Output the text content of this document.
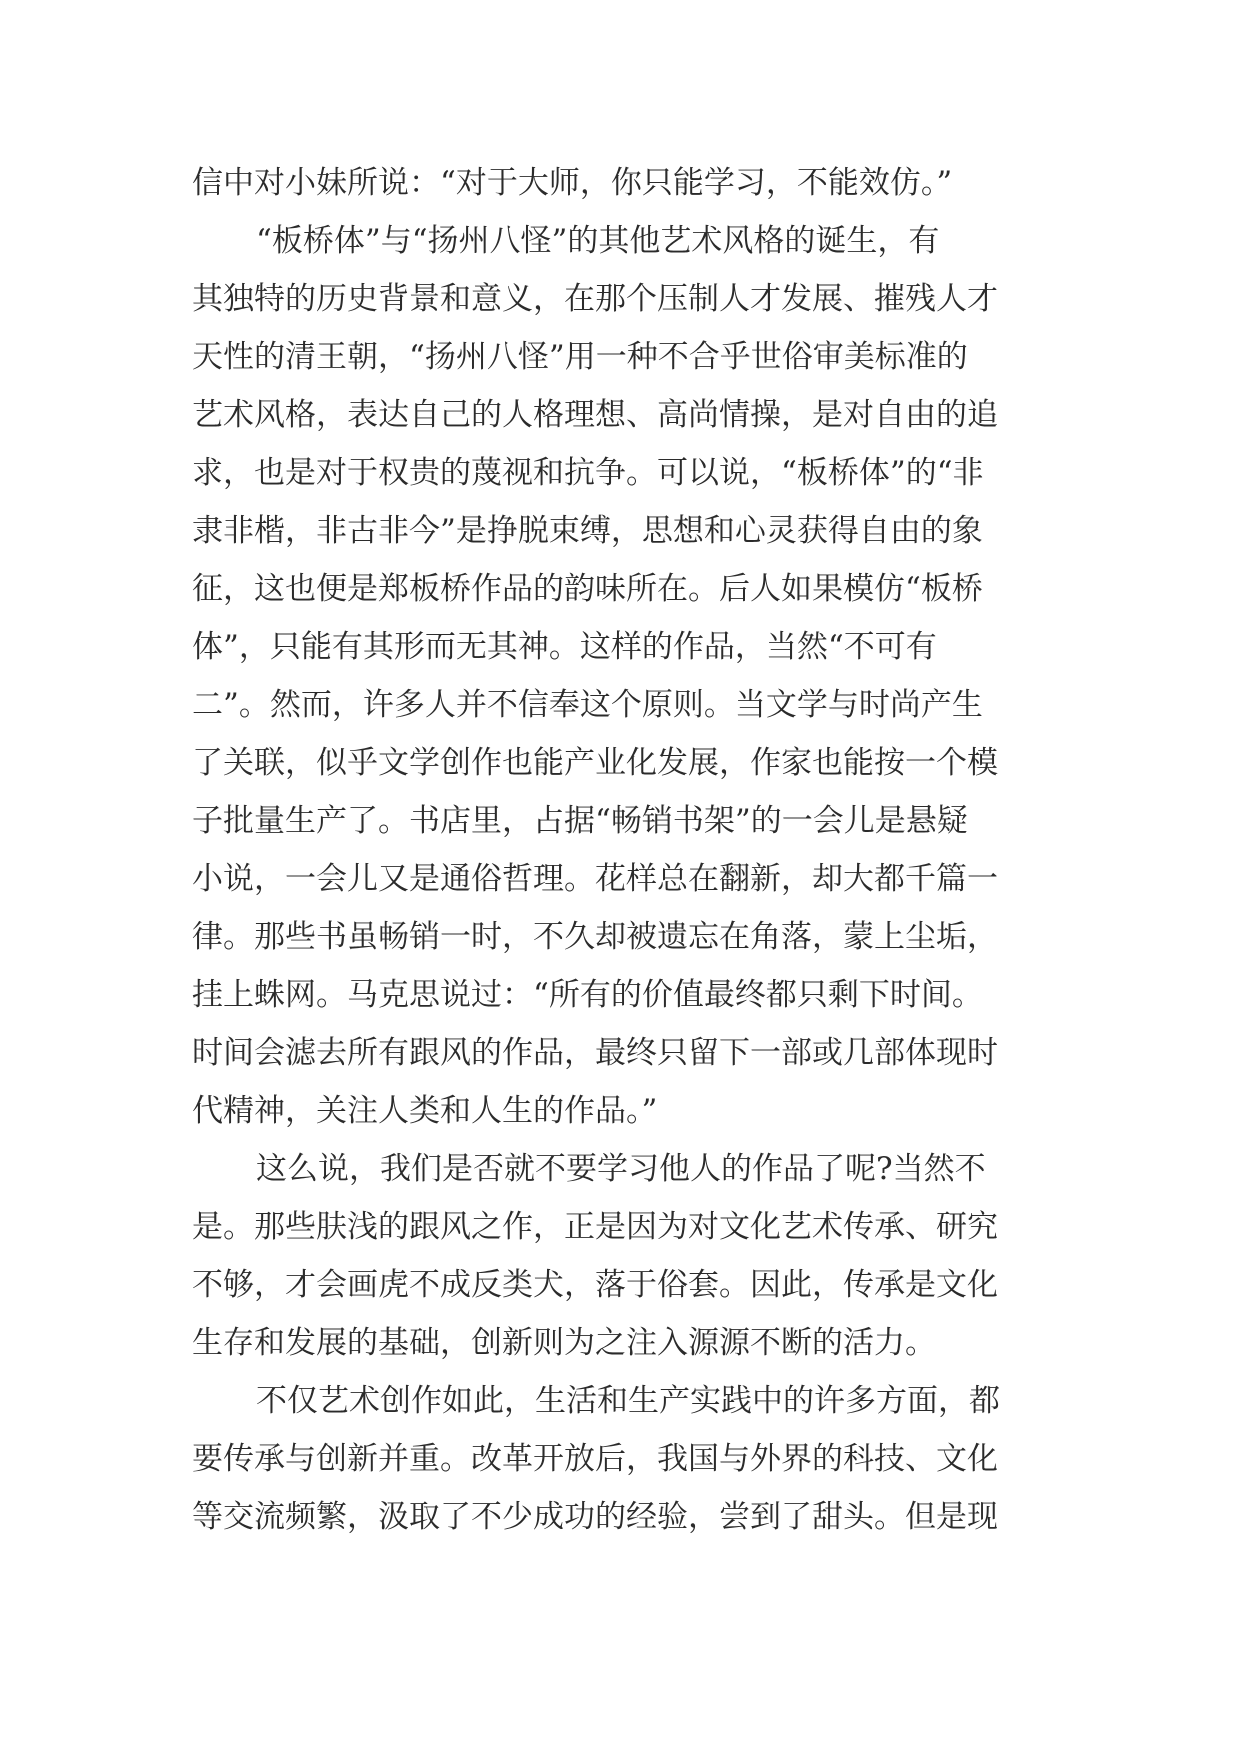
信中对小妹所说：“对于大师，你只能学习，不能效仿。”
“板桥体”与“扬州八怪”的其他艺术风格的诞生，有
其独特的历史背景和意义，在那个压制人才发展、摧残人才
天性的清王朝，“扬州八怪”用一种不合乎世俗审美标准的
艺术风格，表达自己的人格理想、高尚情操，是对自由的追
求，也是对于权贵的蔑视和抗争。可以说，“板桥体”的“非
隶非楷，非古非今”是挣脱束缚，思想和心灵获得自由的象
征，这也便是郑板桥作品的韵味所在。后人如果模仿“板桥
体”，只能有其形而无其神。这样的作品，当然“不可有
二”。然而，许多人并不信奉这个原则。当文学与时尚产生
了关联，似乎文学创作也能产业化发展，作家也能按一个模
子批量生产了。书店里，占据“畅销书架”的一会儿是悬疑
小说，一会儿又是通俗哲理。花样总在翻新，却大都千篇一
律。那些书虽畅销一时，不久却被遗忘在角落，蒙上尘垢，
挂上蛛网。马克思说过：“所有的价值最终都只剩下时间。
时间会滤去所有跟风的作品，最终只留下一部或几部体现时
代精神，关注人类和人生的作品。”
这么说，我们是否就不要学习他人的作品了呢?当然不
是。那些肤浅的跟风之作，正是因为对文化艺术传承、研究
不够，才会画虎不成反类犬，落于俗套。因此，传承是文化
生存和发展的基础，创新则为之注入源源不断的活力。
不仅艺术创作如此，生活和生产实践中的许多方面，都
要传承与创新并重。改革开放后，我国与外界的科技、文化
等交流频繁，汲取了不少成功的经验，尝到了甜头。但是现
